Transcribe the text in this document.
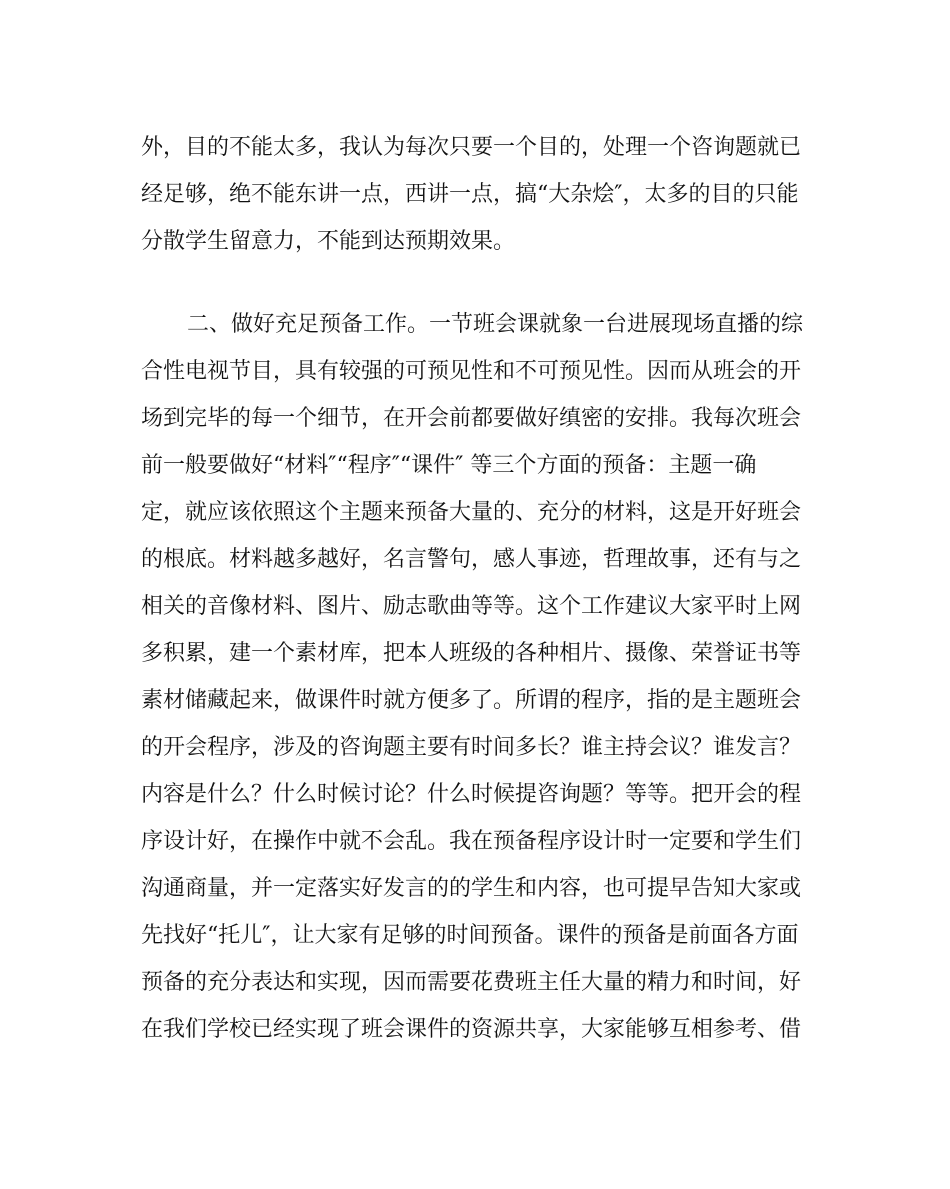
外，目的不能太多，我认为每次只要一个目的，处理一个咨询题就已
经足够，绝不能东讲一点，西讲一点，搞“大杂烩″，太多的目的只能
分散学生留意力，不能到达预期效果。
二、做好充足预备工作。一节班会课就象一台进展现场直播的综
合性电视节目，具有较强的可预见性和不可预见性。因而从班会的开
场到完毕的每一个细节，在开会前都要做好缜密的安排。我每次班会
前一般要做好“材料″“程序″“课件″ 等三个方面的预备：主题一确
定，就应该依照这个主题来预备大量的、充分的材料，这是开好班会
的根底。材料越多越好，名言警句，感人事迹，哲理故事，还有与之
相关的音像材料、图片、励志歌曲等等。这个工作建议大家平时上网
多积累，建一个素材库，把本人班级的各种相片、摄像、荣誉证书等
素材储藏起来，做课件时就方便多了。所谓的程序，指的是主题班会
的开会程序，涉及的咨询题主要有时间多长？谁主持会议？谁发言？
内容是什么？什么时候讨论？什么时候提咨询题？等等。把开会的程
序设计好，在操作中就不会乱。我在预备程序设计时一定要和学生们
沟通商量，并一定落实好发言的的学生和内容，也可提早告知大家或
先找好“托儿″，让大家有足够的时间预备。课件的预备是前面各方面
预备的充分表达和实现，因而需要花费班主任大量的精力和时间，好
在我们学校已经实现了班会课件的资源共享，大家能够互相参考、借
